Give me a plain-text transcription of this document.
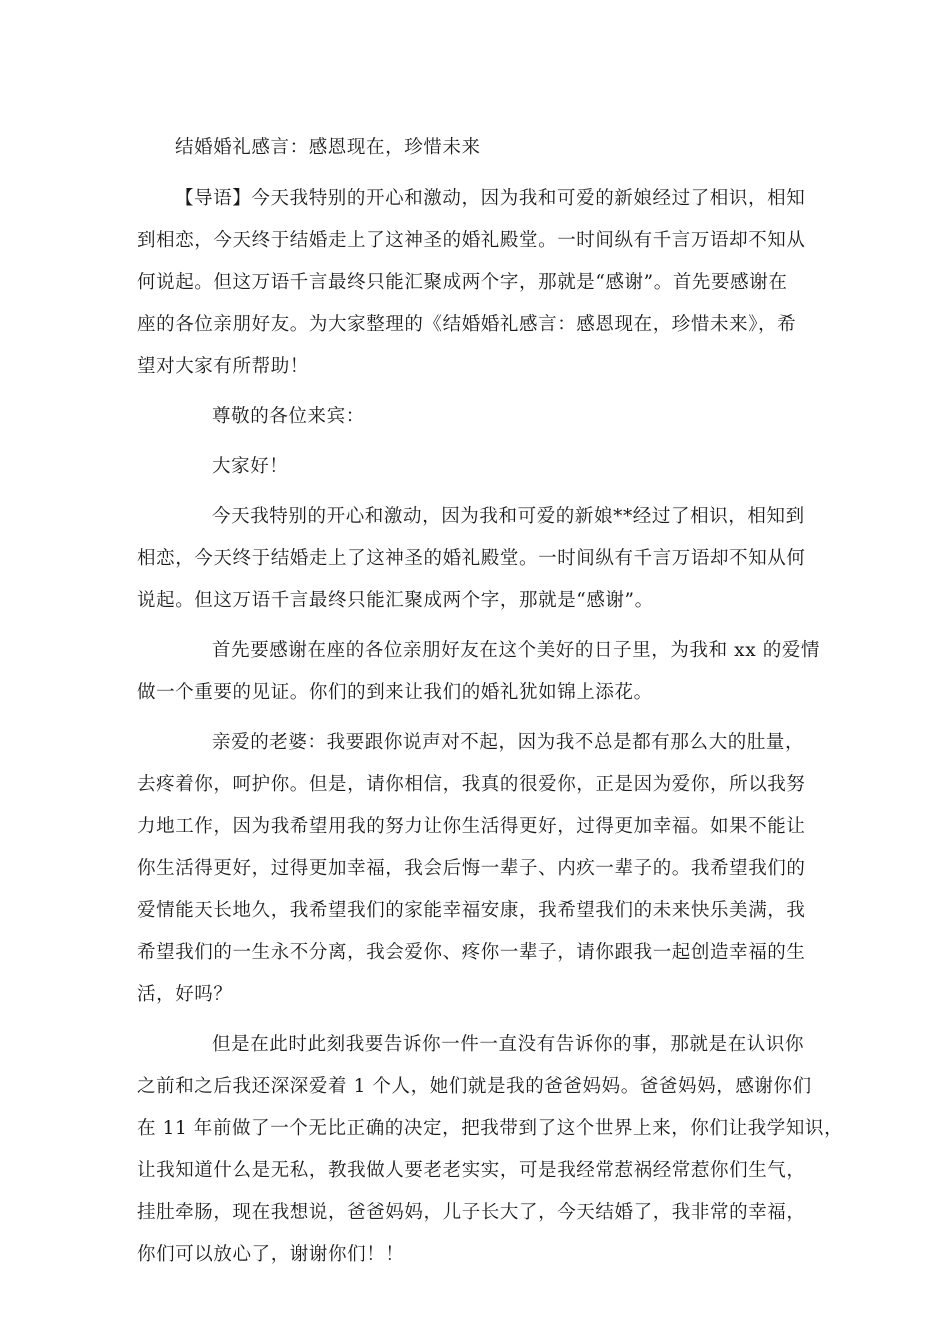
结婚婚礼感言：感恩现在，珍惜未来

【导语】今天我特别的开心和激动，因为我和可爱的新娘经过了相识，相知

到相恋，今天终于结婚走上了这神圣的婚礼殿堂。一时间纵有千言万语却不知从

何说起。但这万语千言最终只能汇聚成两个字，那就是“感谢”。首先要感谢在

座的各位亲朋好友。为大家整理的《结婚婚礼感言：感恩现在，珍惜未来》，希

望对大家有所帮助！

尊敬的各位来宾：

大家好！

今天我特别的开心和激动，因为我和可爱的新娘**经过了相识，相知到

相恋，今天终于结婚走上了这神圣的婚礼殿堂。一时间纵有千言万语却不知从何

说起。但这万语千言最终只能汇聚成两个字，那就是“感谢”。

首先要感谢在座的各位亲朋好友在这个美好的日子里，为我和 xx 的爱情

做一个重要的见证。你们的到来让我们的婚礼犹如锦上添花。

亲爱的老婆：我要跟你说声对不起，因为我不总是都有那么大的肚量，

去疼着你，呵护你。但是，请你相信，我真的很爱你，正是因为爱你，所以我努

力地工作，因为我希望用我的努力让你生活得更好，过得更加幸福。如果不能让

你生活得更好，过得更加幸福，我会后悔一辈子、内疚一辈子的。我希望我们的

爱情能天长地久，我希望我们的家能幸福安康，我希望我们的未来快乐美满，我

希望我们的一生永不分离，我会爱你、疼你一辈子，请你跟我一起创造幸福的生

活，好吗？

但是在此时此刻我要告诉你一件一直没有告诉你的事，那就是在认识你

之前和之后我还深深爱着 1 个人，她们就是我的爸爸妈妈。爸爸妈妈，感谢你们

在 11 年前做了一个无比正确的决定，把我带到了这个世界上来，你们让我学知识，

让我知道什么是无私，教我做人要老老实实，可是我经常惹祸经常惹你们生气，

挂肚牵肠，现在我想说，爸爸妈妈，儿子长大了，今天结婚了，我非常的幸福，

你们可以放心了，谢谢你们！！
